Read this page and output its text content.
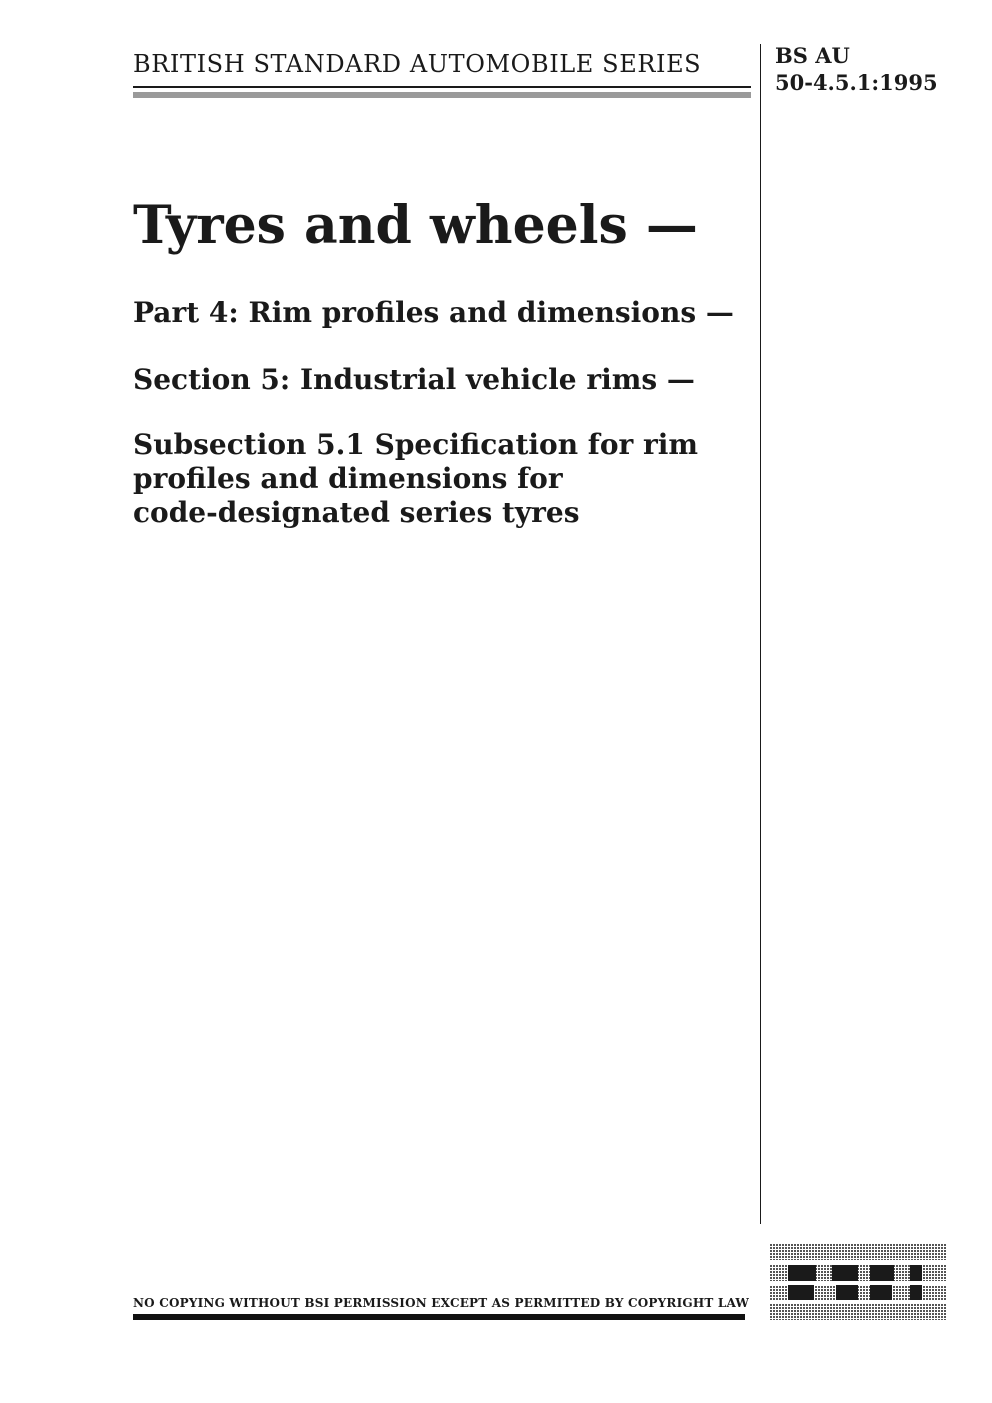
BRITISH STANDARD AUTOMOBILE SERIES	BS AU
50-4.5.1:1995
Tyres and wheels —
Part 4: Rim profiles and dimensions —
Section 5: Industrial vehicle rims —
Subsection 5.1 Specification for rim
profiles and dimensions for
code-designated series tyres
NO COPYING WITHOUT BSI PERMISSION EXCEPT AS PERMITTED BY COPYRIGHT LAW
